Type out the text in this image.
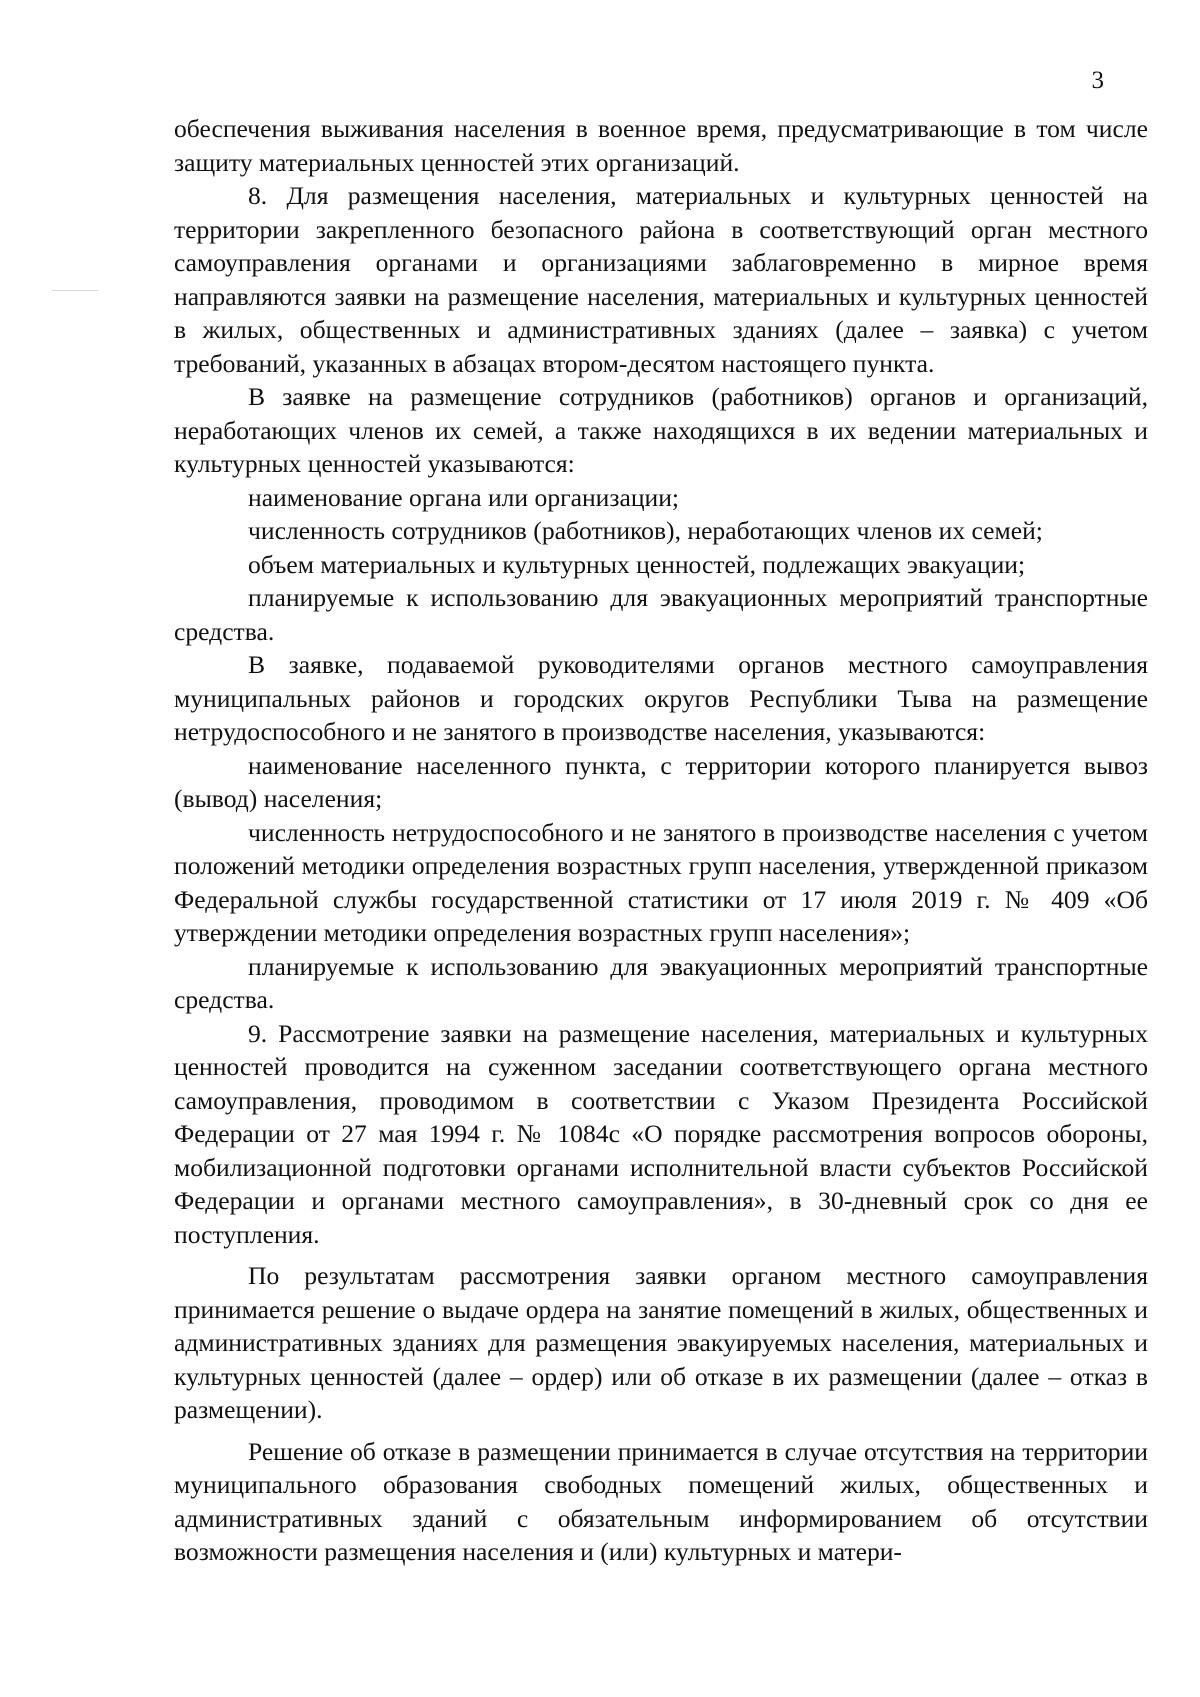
3

обеспечения выживания населения в военное время, предусматривающие в том числе защиту материальных ценностей этих организаций.

8. Для размещения населения, материальных и культурных ценностей на территории закрепленного безопасного района в соответствующий орган местного самоуправления органами и организациями заблаговременно в мирное время направляются заявки на размещение населения, материальных и культурных ценностей в жилых, общественных и административных зданиях (далее – заявка) с учетом требований, указанных в абзацах втором-десятом настоящего пункта.

В заявке на размещение сотрудников (работников) органов и организаций, неработающих членов их семей, а также находящихся в их ведении материальных и культурных ценностей указываются:

наименование органа или организации;

численность сотрудников (работников), неработающих членов их семей;

объем материальных и культурных ценностей, подлежащих эвакуации;

планируемые к использованию для эвакуационных мероприятий транспортные средства.

В заявке, подаваемой руководителями органов местного самоуправления муниципальных районов и городских округов Республики Тыва на размещение нетрудоспособного и не занятого в производстве населения, указываются:

наименование населенного пункта, с территории которого планируется вывоз (вывод) населения;

численность нетрудоспособного и не занятого в производстве населения с учетом положений методики определения возрастных групп населения, утвержденной приказом Федеральной службы государственной статистики от 17 июля 2019 г. № 409 «Об утверждении методики определения возрастных групп населения»;

планируемые к использованию для эвакуационных мероприятий транспортные средства.

9. Рассмотрение заявки на размещение населения, материальных и культурных ценностей проводится на суженном заседании соответствующего органа местного самоуправления, проводимом в соответствии с Указом Президента Российской Федерации от 27 мая 1994 г. № 1084с «О порядке рассмотрения вопросов обороны, мобилизационной подготовки органами исполнительной власти субъектов Российской Федерации и органами местного самоуправления», в 30-дневный срок со дня ее поступления.

По результатам рассмотрения заявки органом местного самоуправления принимается решение о выдаче ордера на занятие помещений в жилых, общественных и административных зданиях для размещения эвакуируемых населения, материальных и культурных ценностей (далее – ордер) или об отказе в их размещении (далее – отказ в размещении).

Решение об отказе в размещении принимается в случае отсутствия на территории муниципального образования свободных помещений жилых, общественных и административных зданий с обязательным информированием об отсутствии возможности размещения населения и (или) культурных и матери-
